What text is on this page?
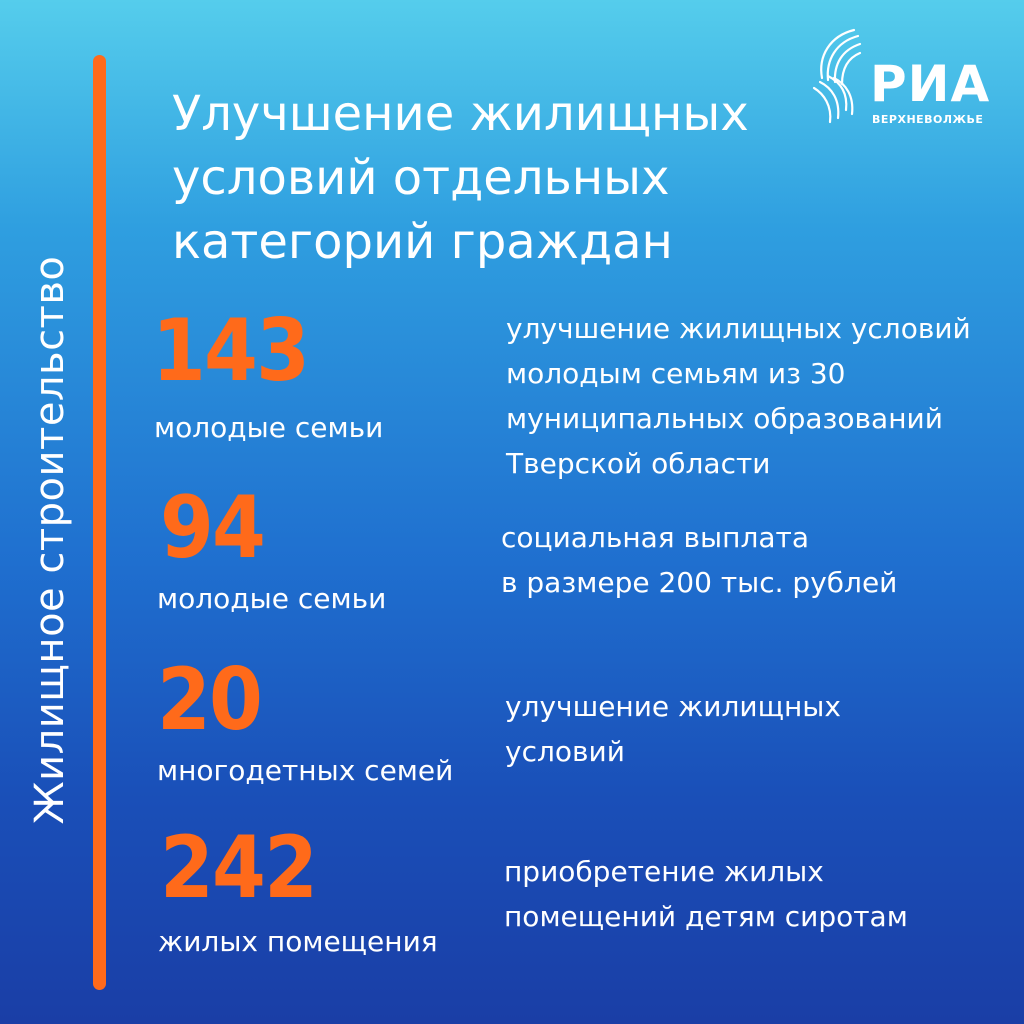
Жилищное строительство
РИА
ВЕРХНЕВОЛЖЬЕ
Улучшение жилищных
условий отдельных
категорий граждан
143
молодые семьи
улучшение жилищных условий
молодым семьям из 30
муниципальных образований
Тверской области
94
молодые семьи
социальная выплата
в размере 200 тыс. рублей
20
многодетных семей
улучшение жилищных
условий
242
жилых помещения
приобретение жилых
помещений детям сиротам
